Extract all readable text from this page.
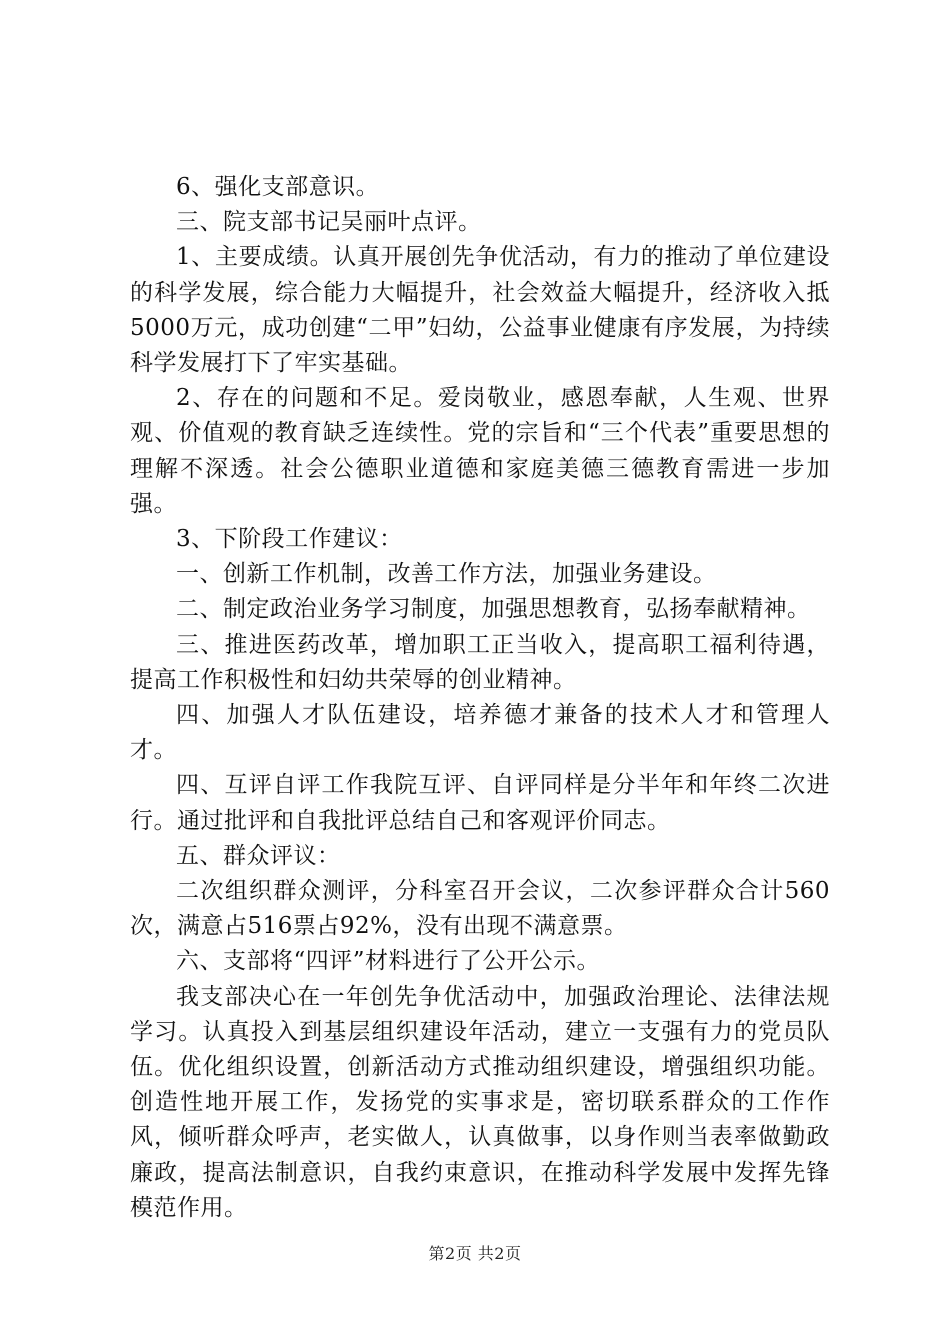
6、强化支部意识。

三、院支部书记吴丽叶点评。

1、主要成绩。认真开展创先争优活动，有力的推动了单位建设的科学发展，综合能力大幅提升，社会效益大幅提升，经济收入抵5000万元，成功创建“二甲”妇幼，公益事业健康有序发展，为持续科学发展打下了牢实基础。

2、存在的问题和不足。爱岗敬业，感恩奉献，人生观、世界观、价值观的教育缺乏连续性。党的宗旨和“三个代表”重要思想的理解不深透。社会公德职业道德和家庭美德三德教育需进一步加强。

3、下阶段工作建议：

一、创新工作机制，改善工作方法，加强业务建设。

二、制定政治业务学习制度，加强思想教育，弘扬奉献精神。

三、推进医药改革，增加职工正当收入，提高职工福利待遇，提高工作积极性和妇幼共荣辱的创业精神。

四、加强人才队伍建设，培养德才兼备的技术人才和管理人才。

四、互评自评工作我院互评、自评同样是分半年和年终二次进行。通过批评和自我批评总结自己和客观评价同志。

五、群众评议：

二次组织群众测评，分科室召开会议，二次参评群众合计560次，满意占516票占92%，没有出现不满意票。

六、支部将“四评”材料进行了公开公示。

我支部决心在一年创先争优活动中，加强政治理论、法律法规学习。认真投入到基层组织建设年活动，建立一支强有力的党员队伍。优化组织设置，创新活动方式推动组织建设，增强组织功能。创造性地开展工作，发扬党的实事求是，密切联系群众的工作作风，倾听群众呼声，老实做人，认真做事，以身作则当表率做勤政廉政，提高法制意识，自我约束意识，在推动科学发展中发挥先锋模范作用。

第2页 共2页
